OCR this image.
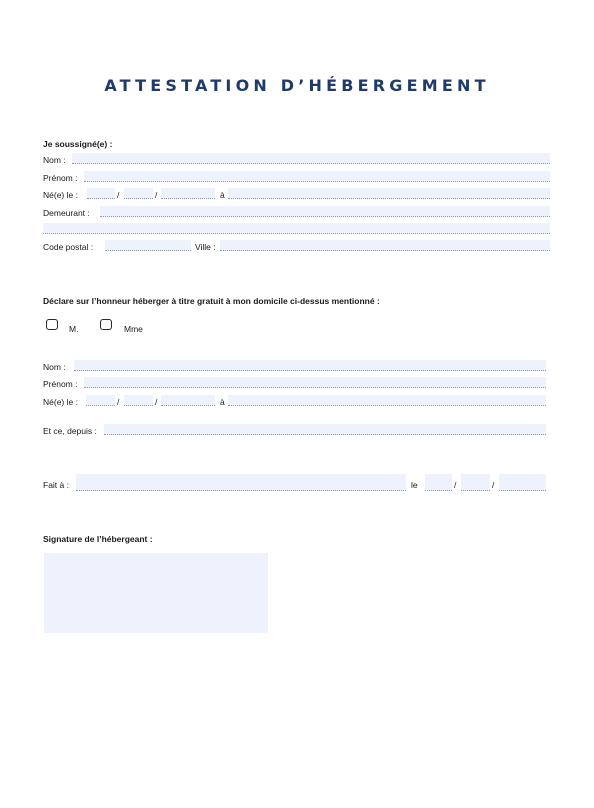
ATTESTATION D’HÉBERGEMENT
Je soussigné(e) :
Nom :
Prénom :
Né(e) le :	/	/	à
Demeurant :
Code postal :	Ville :
Déclare sur l’honneur héberger à titre gratuit à mon domicile ci-dessus mentionné :
M.	Mme
Nom :
Prénom :
Né(e) le :	/	/	à
Et ce, depuis :
Fait à :	le	/	/
Signature de l’hébergeant :
